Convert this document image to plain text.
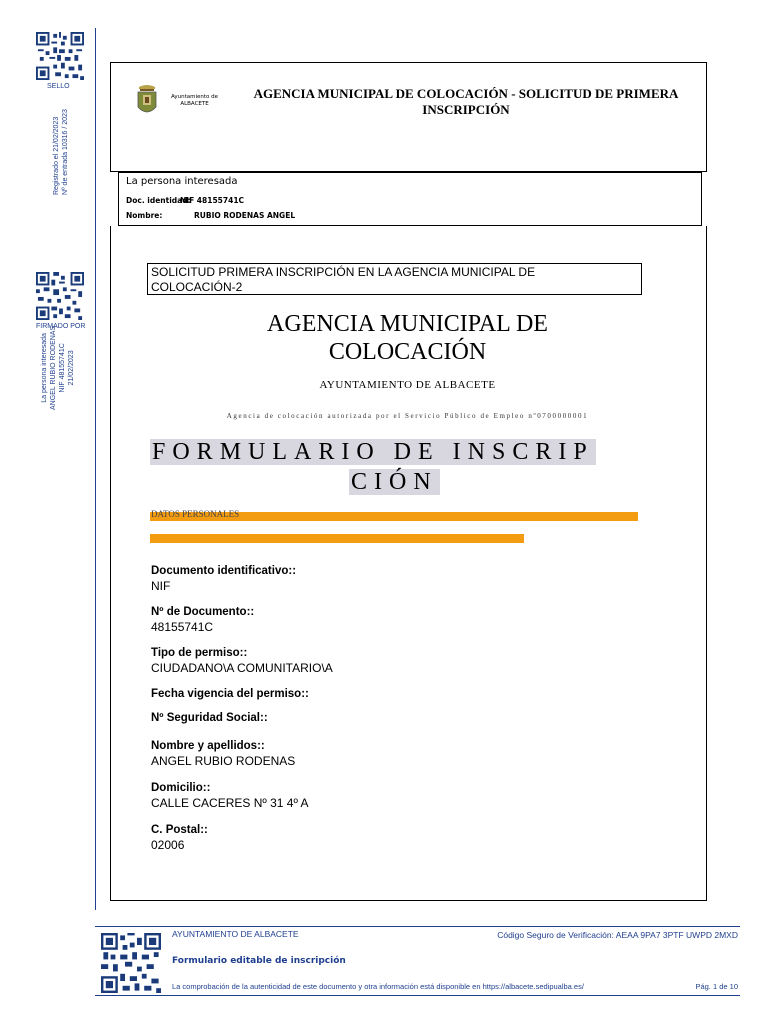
SELLO
Registrado el 21/02/2023 Nº de entrada 10316 / 2023
FIRMADO POR
La persona interesada ANGEL RUBIO RODENAS NIF 48155741C 21/02/2023
Ayuntamiento de
ALBACETE
AGENCIA MUNICIPAL DE COLOCACIÓN - SOLICITUD DE PRIMERA
INSCRIPCIÓN
La persona interesada
Doc. identidad:
NIF 48155741C
Nombre:	RUBIO RODENAS ANGEL
SOLICITUD PRIMERA INSCRIPCIÓN EN LA AGENCIA MUNICIPAL DE
COLOCACIÓN-2
AGENCIA MUNICIPAL DE
COLOCACIÓN
AYUNTAMIENTO DE ALBACETE
Agencia de colocación autorizada por el Servicio Público de Empleo nº0700000001
FORMULARIO DE INSCRIP
CIÓN
DATOS PERSONALES
Documento identificativo::
NIF
Nº de Documento::
48155741C
Tipo de permiso::
CIUDADANO\A COMUNITARIO\A
Fecha vigencia del permiso::
Nº Seguridad Social::
Nombre y apellidos::
ANGEL RUBIO RODENAS
Domicilio::
CALLE CACERES Nº 31 4º A
C. Postal::
02006
AYUNTAMIENTO DE ALBACETE	Código Seguro de Verificación: AEAA 9PA7 3PTF UWPD 2MXD
Formulario editable de inscripción
La comprobación de la autenticidad de este documento y otra información está disponible en https://albacete.sedipualba.es/	Pág. 1 de 10
